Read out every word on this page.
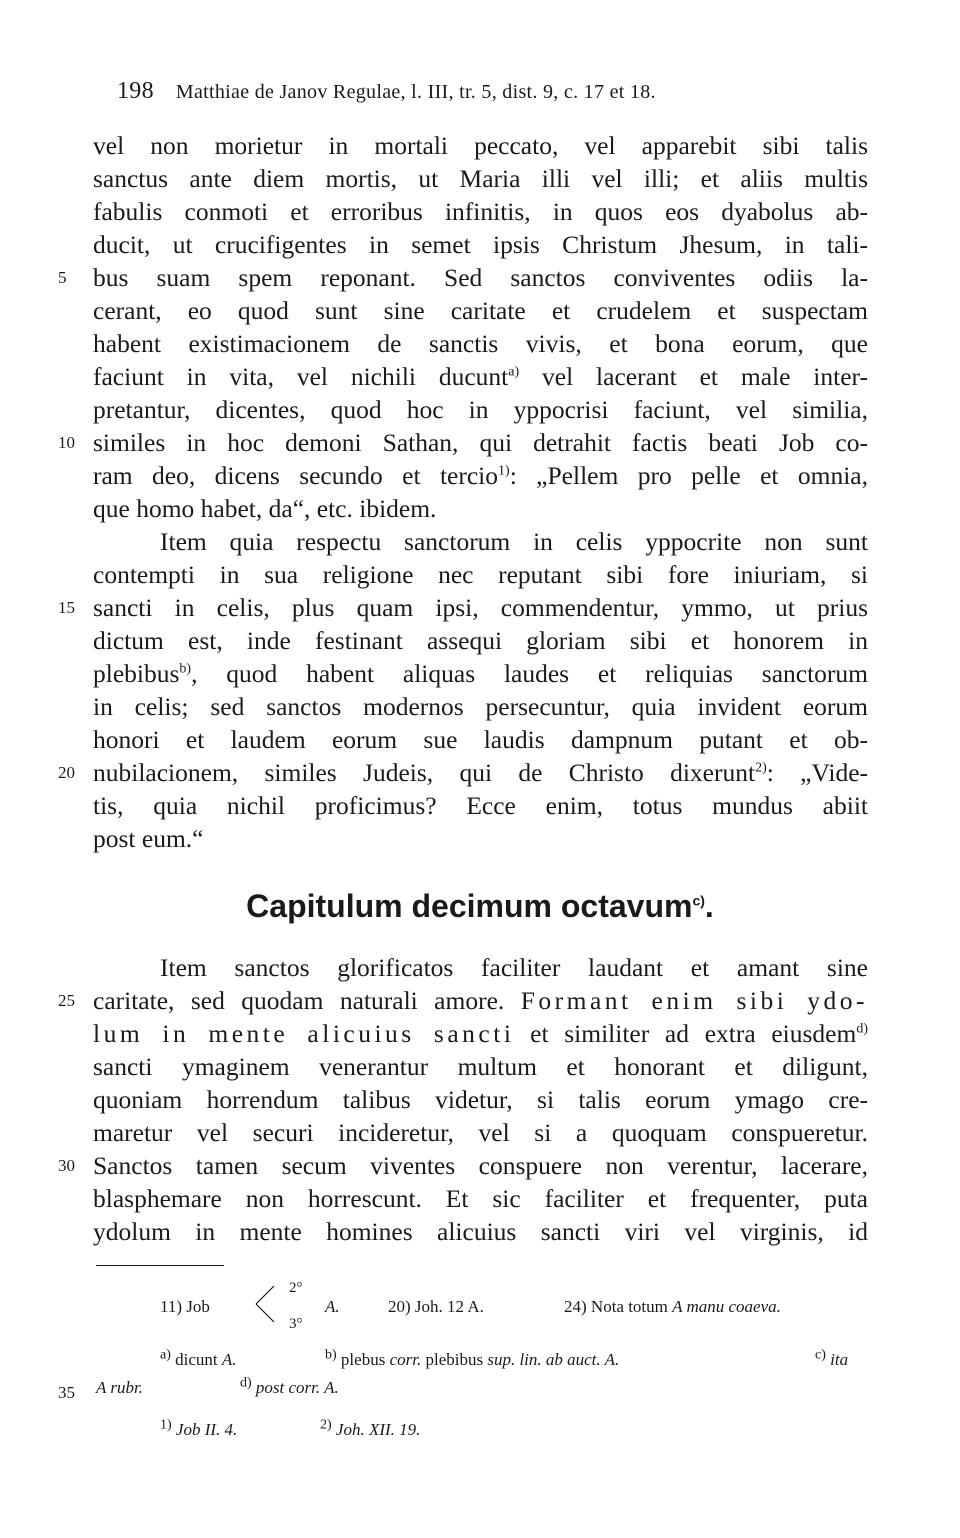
198 Matthiae de Janov Regulae, l. III, tr. 5, dist. 9, c. 17 et 18.
vel non morietur in mortali peccato, vel apparebit sibi talis
sanctus ante diem mortis, ut Maria illi vel illi; et aliis multis
fabulis conmoti et erroribus infinitis, in quos eos dyabolus ab-
ducit, ut crucifigentes in semet ipsis Christum Jhesum, in tali-
bus suam spem reponant. Sed sanctos conviventes odiis la-
cerant, eo quod sunt sine caritate et crudelem et suspectam
habent existimacionem de sanctis vivis, et bona eorum, que
faciunt in vita, vel nichili ducunt$^{a)}$ vel lacerant et male inter-
pretantur, dicentes, quod hoc in yppocrisi faciunt, vel similia,
similes in hoc demoni Sathan, qui detrahit factis beati Job co-
ram deo, dicens secundo et tercio$^{1)}$: „Pellem pro pelle et omnia,
que homo habet, da“, etc. ibidem.
Item quia respectu sanctorum in celis yppocrite non sunt
contempti in sua religione nec reputant sibi fore iniuriam, si
sancti in celis, plus quam ipsi, commendentur, ymmo, ut prius
dictum est, inde festinant assequi gloriam sibi et honorem in
plebibus$^{b)}$, quod habent aliquas laudes et reliquias sanctorum
in celis; sed sanctos modernos persecuntur, quia invident eorum
honori et laudem eorum sue laudis dampnum putant et ob-
nubilacionem, similes Judeis, qui de Christo dixerunt$^{2)}$: „Vide-
tis, quia nichil proficimus? Ecce enim, totus mundus abiit
post eum.“
Capitulum decimum octavum$^{c)}$.
Item sanctos glorificatos faciliter laudant et amant sine
caritate, sed quodam naturali amore. Formant enim sibi ydo-
lum in mente alicuius sancti et similiter ad extra eiusdem$^{d)}$
sancti ymaginem venerantur multum et honorant et diligunt,
quoniam horrendum talibus videtur, si talis eorum ymago cre-
maretur vel securi incideretur, vel si a quoquam conspueretur.
Sanctos tamen secum viventes conspuere non verentur, lacerare,
blasphemare non horrescunt. Et sic faciliter et frequenter, puta
ydolum in mente homines alicuius sancti viri vel virginis, id
5
10
15
20
25
30
35
11) Job
2°
3°
A.	20) Joh. 12 A.	24) Nota totum A manu coaeva.
$^{a)}$ dicunt A.	$^{b)}$ plebus corr. plebibus sup. lin. ab auct. A.	$^{c)}$ ita
A rubr.	$^{d)}$ post corr. A.
$^{1)}$ Job II. 4.	$^{2)}$ Joh. XII. 19.
